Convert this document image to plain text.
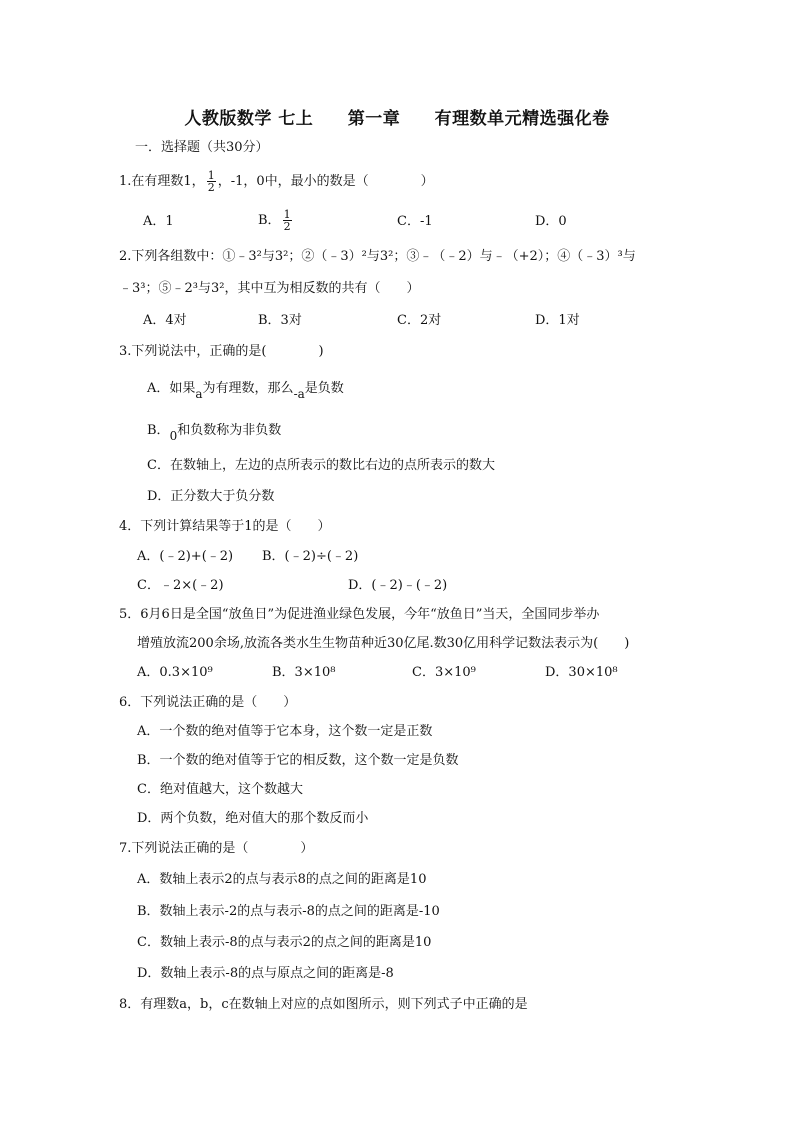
人教版数学 七上 第一章 有理数单元精选强化卷
一．选择题（共30分）
1.在有理数1， $\frac{1}{2}$ ，-1，0中，最小的数是（　　　　）
A．1	B． $\frac{1}{2}$	C．-1	D．0
2.下列各组数中：①﹣3²与3²；②（﹣3）²与3²；③﹣（﹣2）与﹣（+2）；④（﹣3）³与
﹣3³；⑤﹣2³与3²，其中互为相反数的共有（　　）
A．4对	B．3对	C．2对	D．1对
3.下列说法中，正确的是(　　　　)
A．如果a为有理数，那么-a是负数
B．0和负数称为非负数
C．在数轴上，左边的点所表示的数比右边的点所表示的数大
D．正分数大于负分数
4．下列计算结果等于1的是（　　）
A．(﹣2)+(﹣2) B．(﹣2)÷(﹣2)
C．﹣2×(﹣2)	D．(﹣2)﹣(﹣2)
5．6月6日是全国“放鱼日”为促进渔业绿色发展，今年“放鱼日”当天，全国同步举办
增殖放流200余场,放流各类水生生物苗种近30亿尾.数30亿用科学记数法表示为(　　)
A．0.3×10⁹	B．3×10⁸	C．3×10⁹	D．30×10⁸
6．下列说法正确的是（　　）
A．一个数的绝对值等于它本身，这个数一定是正数
B．一个数的绝对值等于它的相反数，这个数一定是负数
C．绝对值越大，这个数越大
D．两个负数，绝对值大的那个数反而小
7.下列说法正确的是（　　　　）
A．数轴上表示2的点与表示8的点之间的距离是10
B．数轴上表示-2的点与表示-8的点之间的距离是-10
C．数轴上表示-8的点与表示2的点之间的距离是10
D．数轴上表示-8的点与原点之间的距离是-8
8．有理数a，b，c在数轴上对应的点如图所示，则下列式子中正确的是
